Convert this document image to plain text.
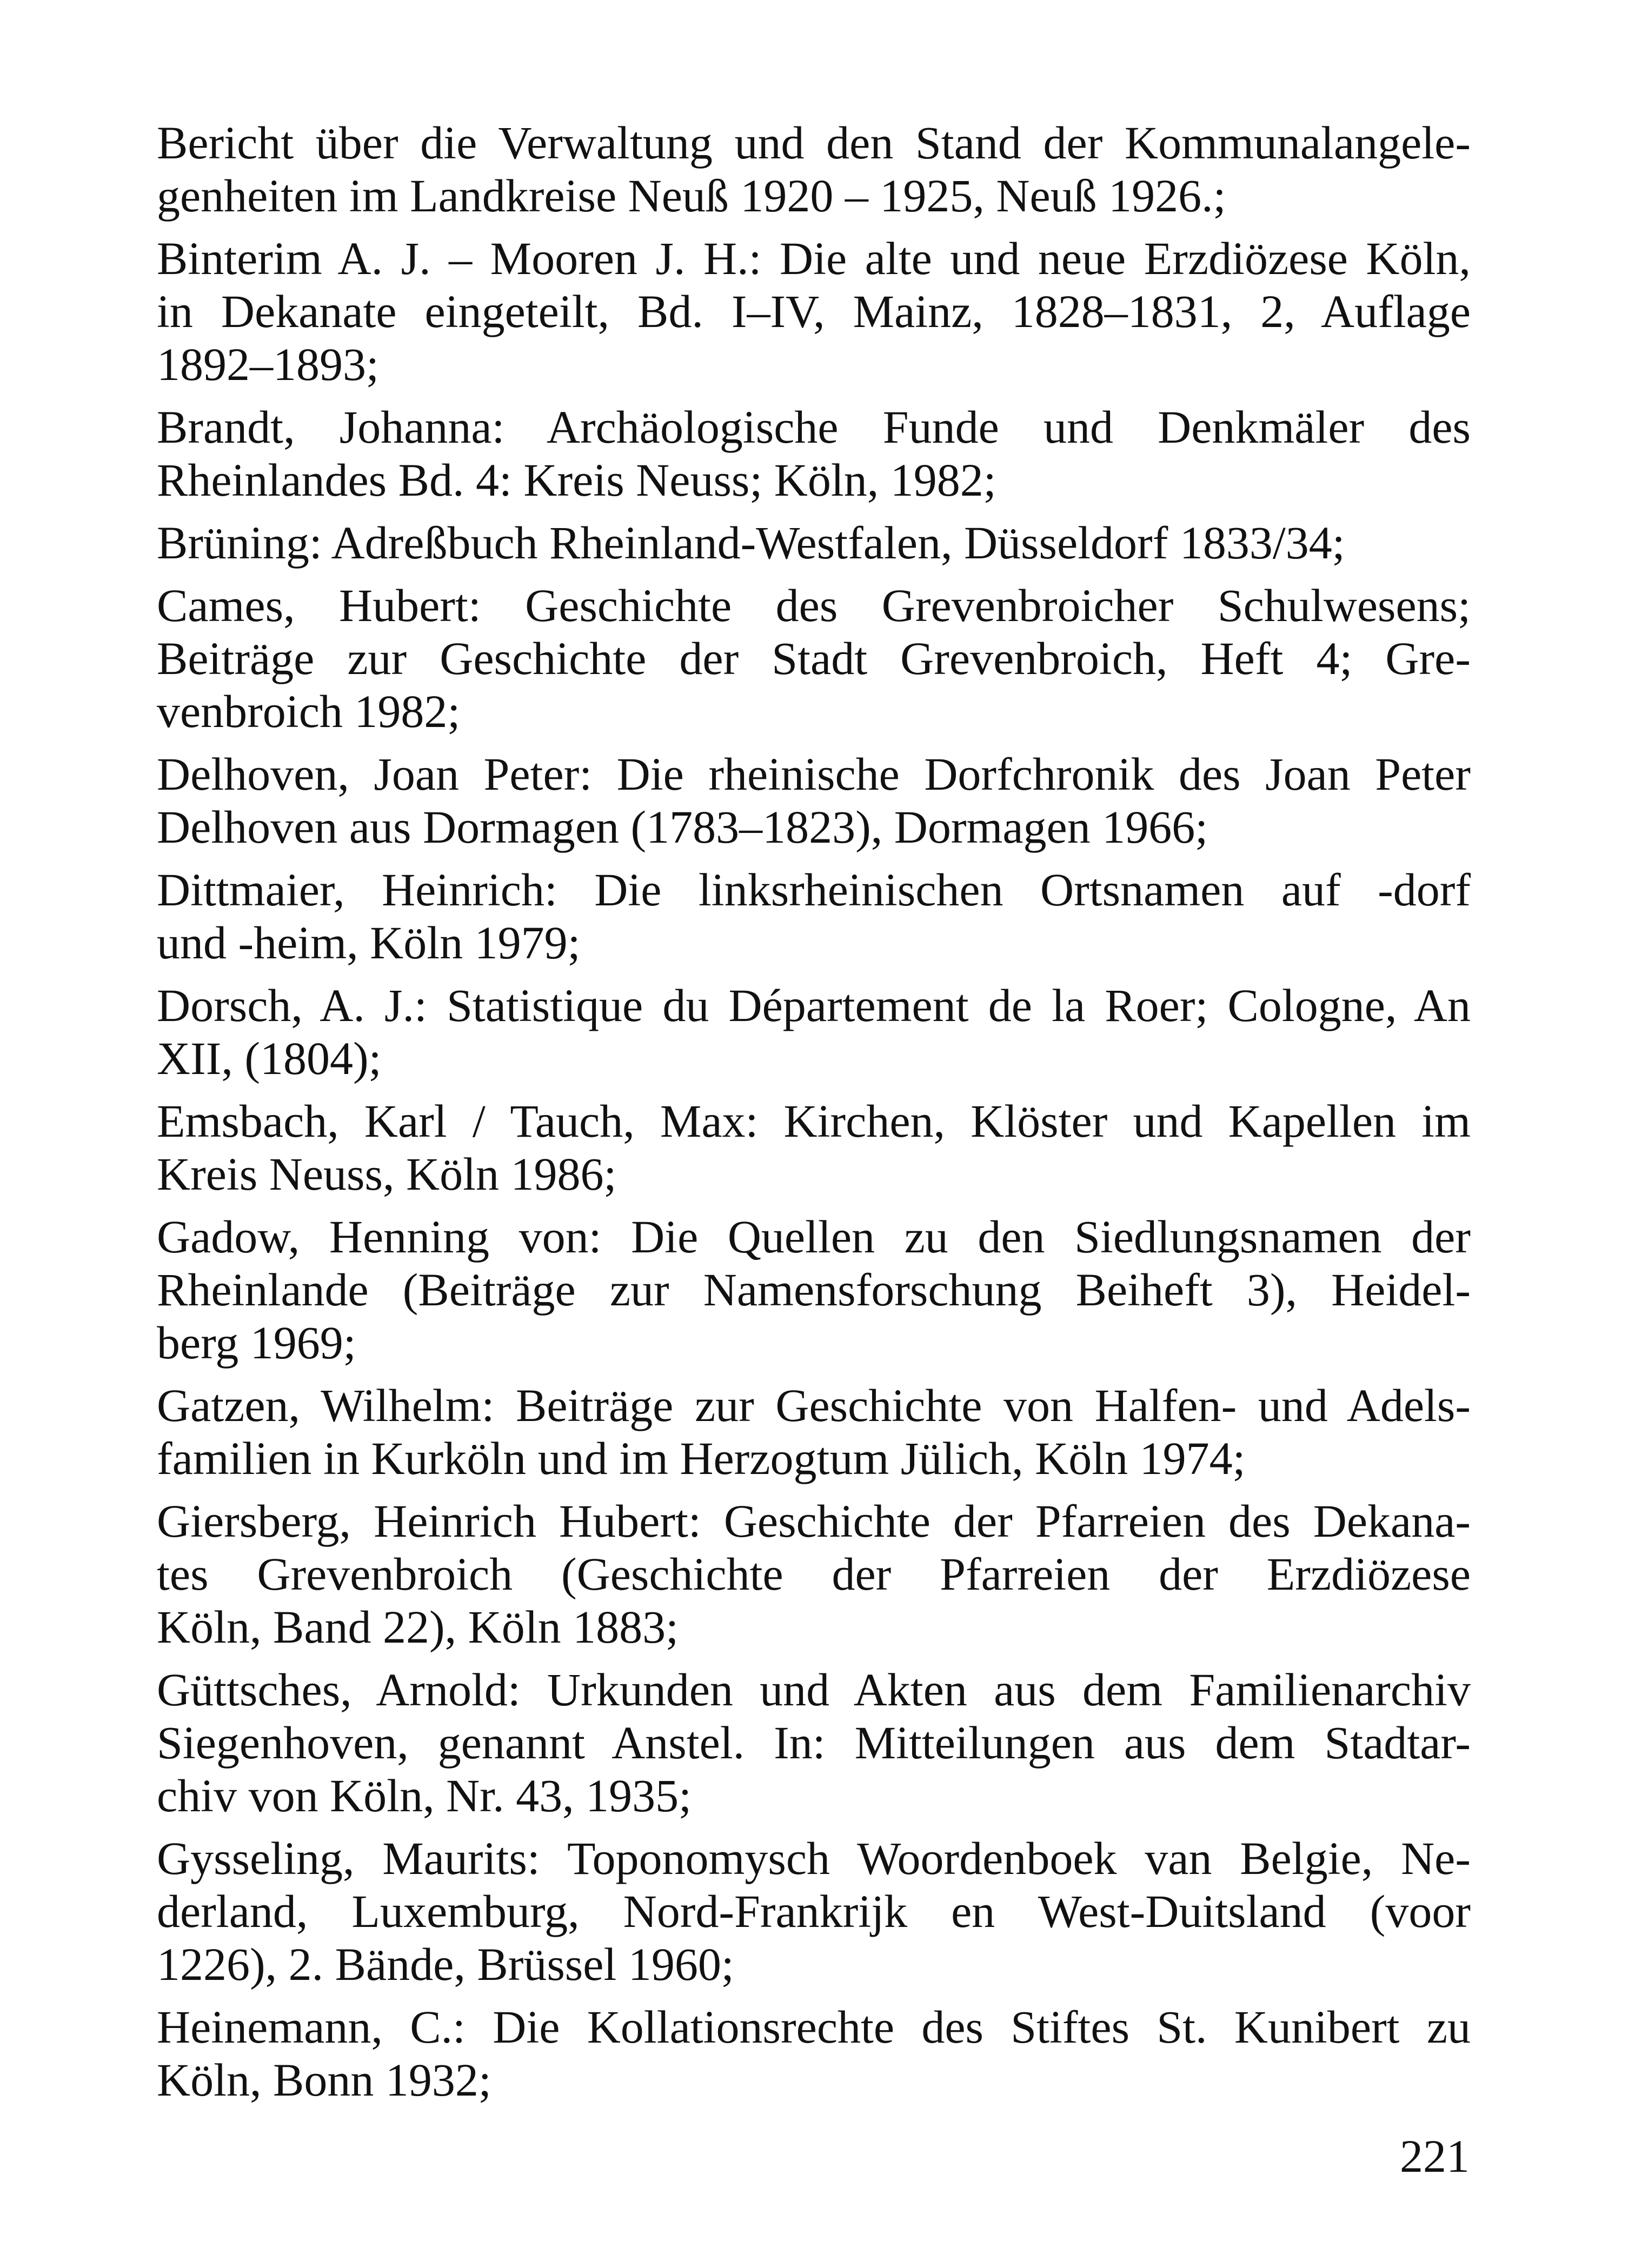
Bericht über die Verwaltung und den Stand der Kommunalangele-
genheiten im Landkreise Neuß 1920 – 1925, Neuß 1926.;
Binterim A. J. – Mooren J. H.: Die alte und neue Erzdiözese Köln,
in Dekanate eingeteilt, Bd. I–IV, Mainz, 1828–1831, 2, Auflage
1892–1893;
Brandt, Johanna: Archäologische Funde und Denkmäler des
Rheinlandes Bd. 4: Kreis Neuss; Köln, 1982;
Brüning: Adreßbuch Rheinland-Westfalen, Düsseldorf 1833/34;
Cames, Hubert: Geschichte des Grevenbroicher Schulwesens;
Beiträge zur Geschichte der Stadt Grevenbroich, Heft 4; Gre-
venbroich 1982;
Delhoven, Joan Peter: Die rheinische Dorfchronik des Joan Peter
Delhoven aus Dormagen (1783–1823), Dormagen 1966;
Dittmaier, Heinrich: Die linksrheinischen Ortsnamen auf -dorf
und -heim, Köln 1979;
Dorsch, A. J.: Statistique du Département de la Roer; Cologne, An
XII, (1804);
Emsbach, Karl / Tauch, Max: Kirchen, Klöster und Kapellen im
Kreis Neuss, Köln 1986;
Gadow, Henning von: Die Quellen zu den Siedlungsnamen der
Rheinlande (Beiträge zur Namensforschung Beiheft 3), Heidel-
berg 1969;
Gatzen, Wilhelm: Beiträge zur Geschichte von Halfen- und Adels-
familien in Kurköln und im Herzogtum Jülich, Köln 1974;
Giersberg, Heinrich Hubert: Geschichte der Pfarreien des Dekana-
tes Grevenbroich (Geschichte der Pfarreien der Erzdiözese
Köln, Band 22), Köln 1883;
Güttsches, Arnold: Urkunden und Akten aus dem Familienarchiv
Siegenhoven, genannt Anstel. In: Mitteilungen aus dem Stadtar-
chiv von Köln, Nr. 43, 1935;
Gysseling, Maurits: Toponomysch Woordenboek van Belgie, Ne-
derland, Luxemburg, Nord-Frankrijk en West-Duitsland (voor
1226), 2. Bände, Brüssel 1960;
Heinemann, C.: Die Kollationsrechte des Stiftes St. Kunibert zu
Köln, Bonn 1932;
221
